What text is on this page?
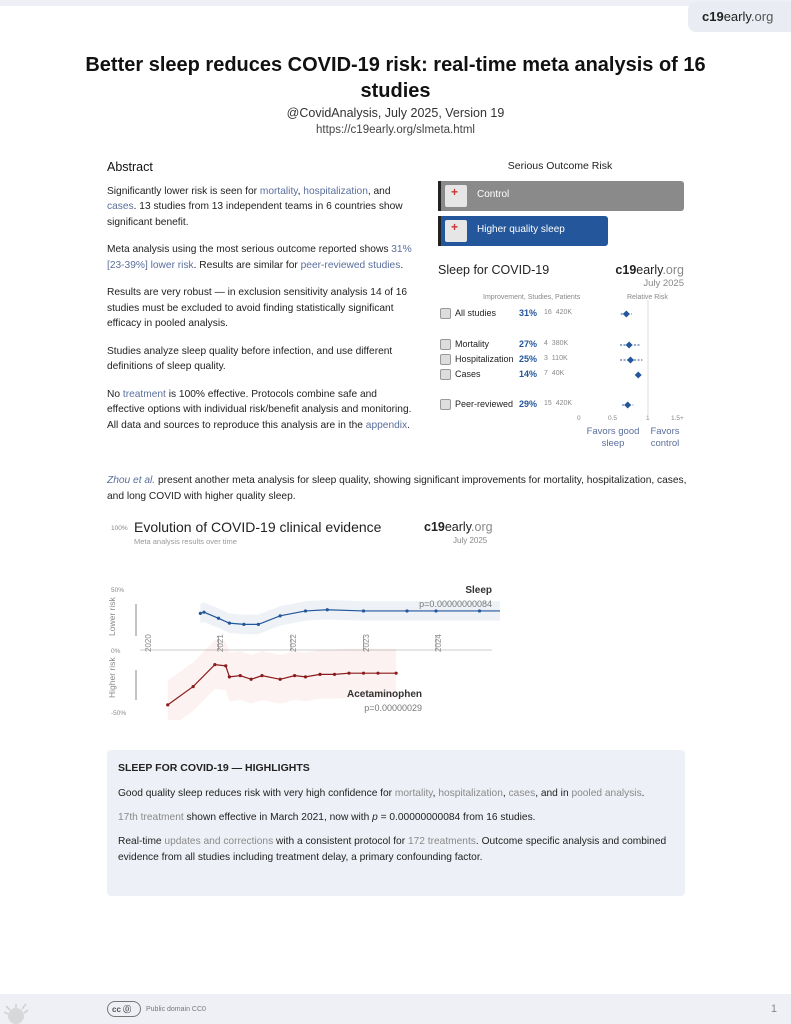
c19early.org
Better sleep reduces COVID-19 risk: real-time meta analysis of 16 studies
@CovidAnalysis, July 2025, Version 19
https://c19early.org/slmeta.html
Abstract

Significantly lower risk is seen for mortality, hospitalization, and cases. 13 studies from 13 independent teams in 6 countries show significant benefit.

Meta analysis using the most serious outcome reported shows 31% [23-39%] lower risk. Results are similar for peer-reviewed studies.

Results are very robust — in exclusion sensitivity analysis 14 of 16 studies must be excluded to avoid finding statistically significant efficacy in pooled analysis.

Studies analyze sleep quality before infection, and use different definitions of sleep quality.

No treatment is 100% effective. Protocols combine safe and effective options with individual risk/benefit analysis and monitoring. All data and sources to reproduce this analysis are in the appendix.

Zhou et al. present another meta analysis for sleep quality, showing significant improvements for mortality, hospitalization, cases, and long COVID with higher quality sleep.
Serious Outcome Risk
+
Control
+
Higher quality sleep
Sleep for COVID-19	c19early.org
July 2025
Improvement, Studies, Patients	Relative Risk
All studies	31% 16 420K
Mortality	27% 4 380K
Hospitalization 25% 3 110K
Cases	14% 7 40K
Peer-reviewed 29% 15 420K
0	0.5	1	1.5+
Favors good sleep
Favors control
100% Evolution of COVID-19 clinical evidence
Meta analysis results over time
c19early.org
July 2025
50%
0%
-50%
Lower risk
Higher risk
Sleep
p=0.00000000084
Acetaminophen
p=0.00000029
2020	2021	2022	2023	2024
SLEEP FOR COVID-19 — HIGHLIGHTS

Good quality sleep reduces risk with very high confidence for mortality, hospitalization, cases, and in pooled analysis.

17th treatment shown effective in March 2021, now with p = 0.00000000084 from 16 studies.

Real-time updates and corrections with a consistent protocol for 172 treatments. Outcome specific analysis and combined evidence from all studies including treatment delay, a primary confounding factor.

cc ⓪	Public domain CC0	1
